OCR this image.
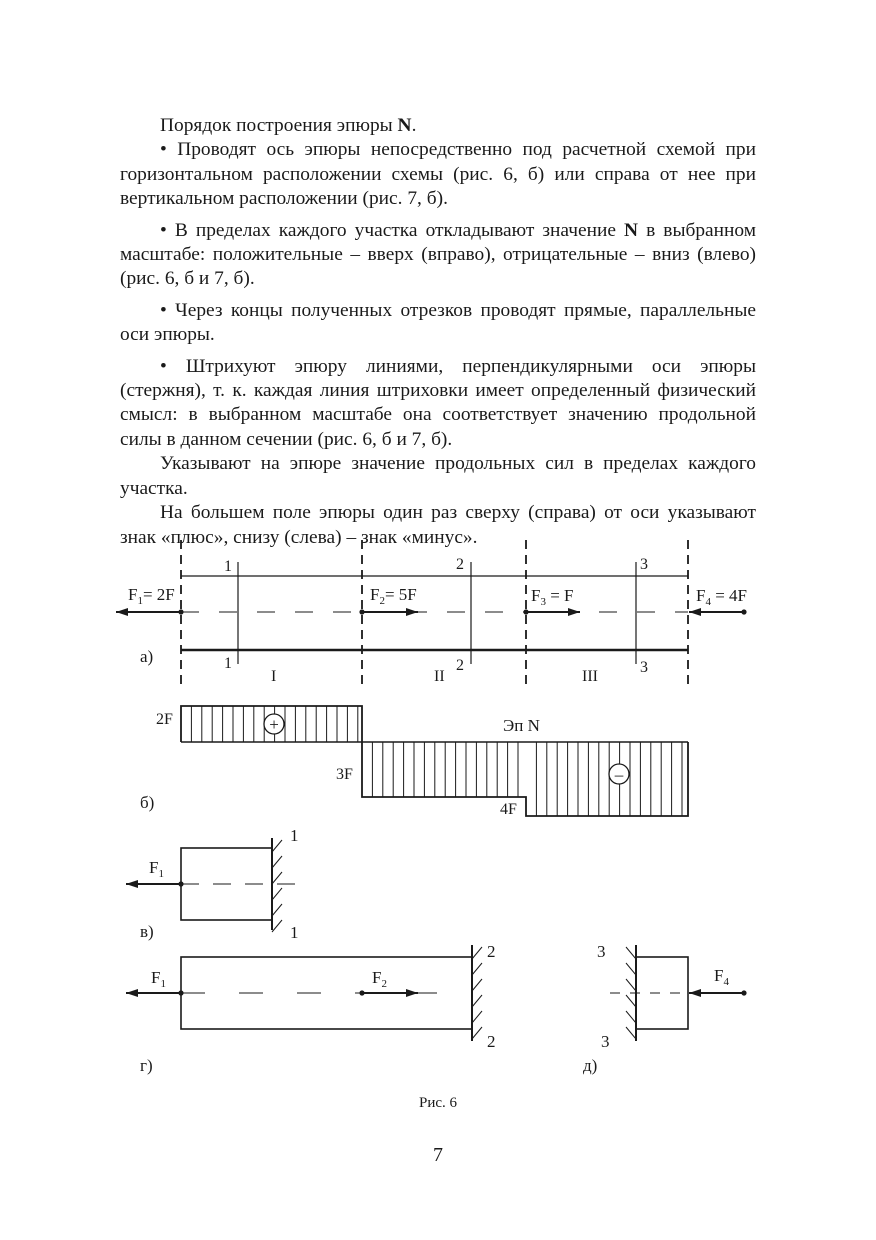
Порядок построения эпюры N.

• Проводят ось эпюры непосредственно под расчетной схемой при горизонтальном расположении схемы (рис. 6, б) или справа от нее при вертикальном расположении (рис. 7, б).

• В пределах каждого участка откладывают значение N в выбранном масштабе: положительные – вверх (вправо), отрицательные – вниз (влево) (рис. 6, б и 7, б).

• Через концы полученных отрезков проводят прямые, параллельные оси эпюры.

• Штрихуют эпюру линиями, перпендикулярными оси эпюры (стержня), т. к. каждая линия штриховки имеет определенный физический смысл: в выбранном масштабе она соответствует значению продольной силы в данном сечении (рис. 6, б и 7, б).

Указывают на эпюре значение продольных сил в пределах каждого участка.

На большем поле эпюры один раз сверху (справа) от оси указывают знак «плюс», снизу (слева) – знак «минус».

1
1
2
2
3
3
$F_1= 2F$	$F_2= 5F$	$F_3 = F$	$F_4 = 4F$
I	II	III
а)
+
–
2F
3F
4F
Эп N
б)
$F_1$
1
1
в)
$F_1$	$F_2$
2
2
г)
$F_4$
3
3
д)
Рис. 6
7
